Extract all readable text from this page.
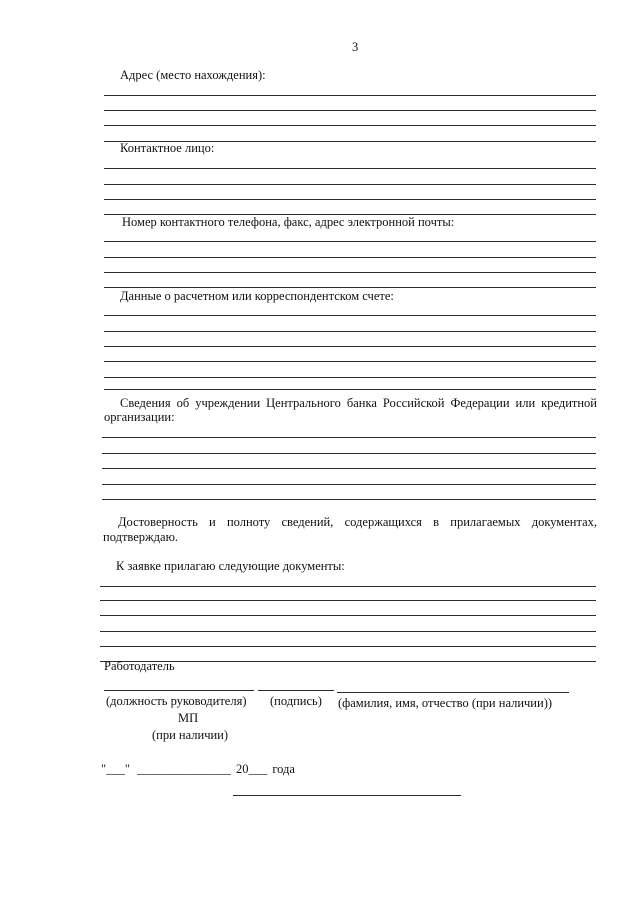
3
Адрес (место нахождения):
Контактное лицо:
Номер контактного телефона, факс, адрес электронной почты:
Данные о расчетном или корреспондентском счете:
Сведения об учреждении Центрального банка Российской Федерации или кредитной
организации:
Достоверность и полноту сведений, содержащихся в прилагаемых документах,
подтверждаю.
К заявке прилагаю следующие документы:
Работодатель
(должность руководителя) (подпись) (фамилия, имя, отчество (при наличии))
МП
(при наличии)
"___" _______________ 20___ года
